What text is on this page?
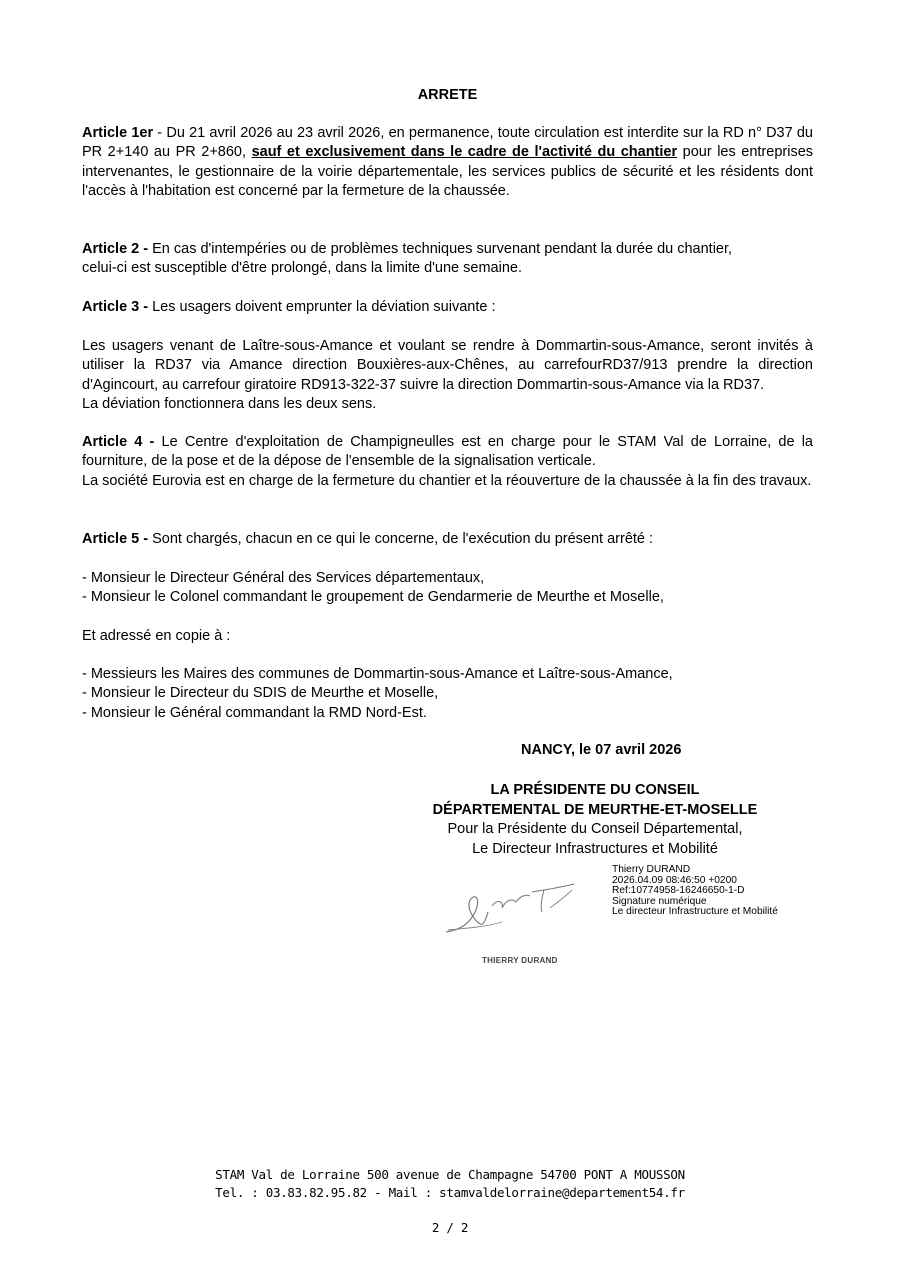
ARRETE
Article 1er - Du 21 avril 2026 au 23 avril 2026, en permanence, toute circulation est interdite sur la RD n° D37 du PR 2+140 au PR 2+860, sauf et exclusivement dans le cadre de l'activité du chantier pour les entreprises intervenantes, le gestionnaire de la voirie départementale, les services publics de sécurité et les résidents dont l'accès à l'habitation est concerné par la fermeture de la chaussée.
Article 2 - En cas d'intempéries ou de problèmes techniques survenant pendant la durée du chantier,
celui-ci est susceptible d'être prolongé, dans la limite d'une semaine.
Article 3 - Les usagers doivent emprunter la déviation suivante :
Les usagers venant de Laître-sous-Amance et voulant se rendre à Dommartin-sous-Amance, seront invités à utiliser la RD37 via Amance direction Bouxières-aux-Chênes, au carrefourRD37/913 prendre la direction d'Agincourt, au carrefour giratoire RD913-322-37 suivre la direction Dommartin-sous-Amance via la RD37.
La déviation fonctionnera dans les deux sens.
Article 4 - Le Centre d'exploitation de Champigneulles est en charge pour le STAM Val de Lorraine, de la fourniture, de la pose et de la dépose de l'ensemble de la signalisation verticale.
La société Eurovia est en charge de la fermeture du chantier et la réouverture de la chaussée à la fin des travaux.
Article 5 - Sont chargés, chacun en ce qui le concerne, de l'exécution du présent arrêté :
- Monsieur le Directeur Général des Services départementaux,
- Monsieur le Colonel commandant le groupement de Gendarmerie de Meurthe et Moselle,
Et adressé en copie à :
- Messieurs les Maires des communes de Dommartin-sous-Amance et Laître-sous-Amance,
- Monsieur le Directeur du SDIS de Meurthe et Moselle,
- Monsieur le Général commandant la RMD Nord-Est.
NANCY, le 07 avril 2026
LA PRÉSIDENTE DU CONSEIL
DÉPARTEMENTAL DE MEURTHE-ET-MOSELLE
Pour la Présidente du Conseil Départemental,
Le Directeur Infrastructures et Mobilité
Thierry DURAND
2026.04.09 08:46:50 +0200
Ref:10774958-16246650-1-D
Signature numérique
Le directeur Infrastructure et Mobilité
THIERRY DURAND
STAM Val de Lorraine 500 avenue de Champagne 54700 PONT A MOUSSON
Tel. : 03.83.82.95.82 - Mail : stamvaldelorraine@departement54.fr
2 / 2
